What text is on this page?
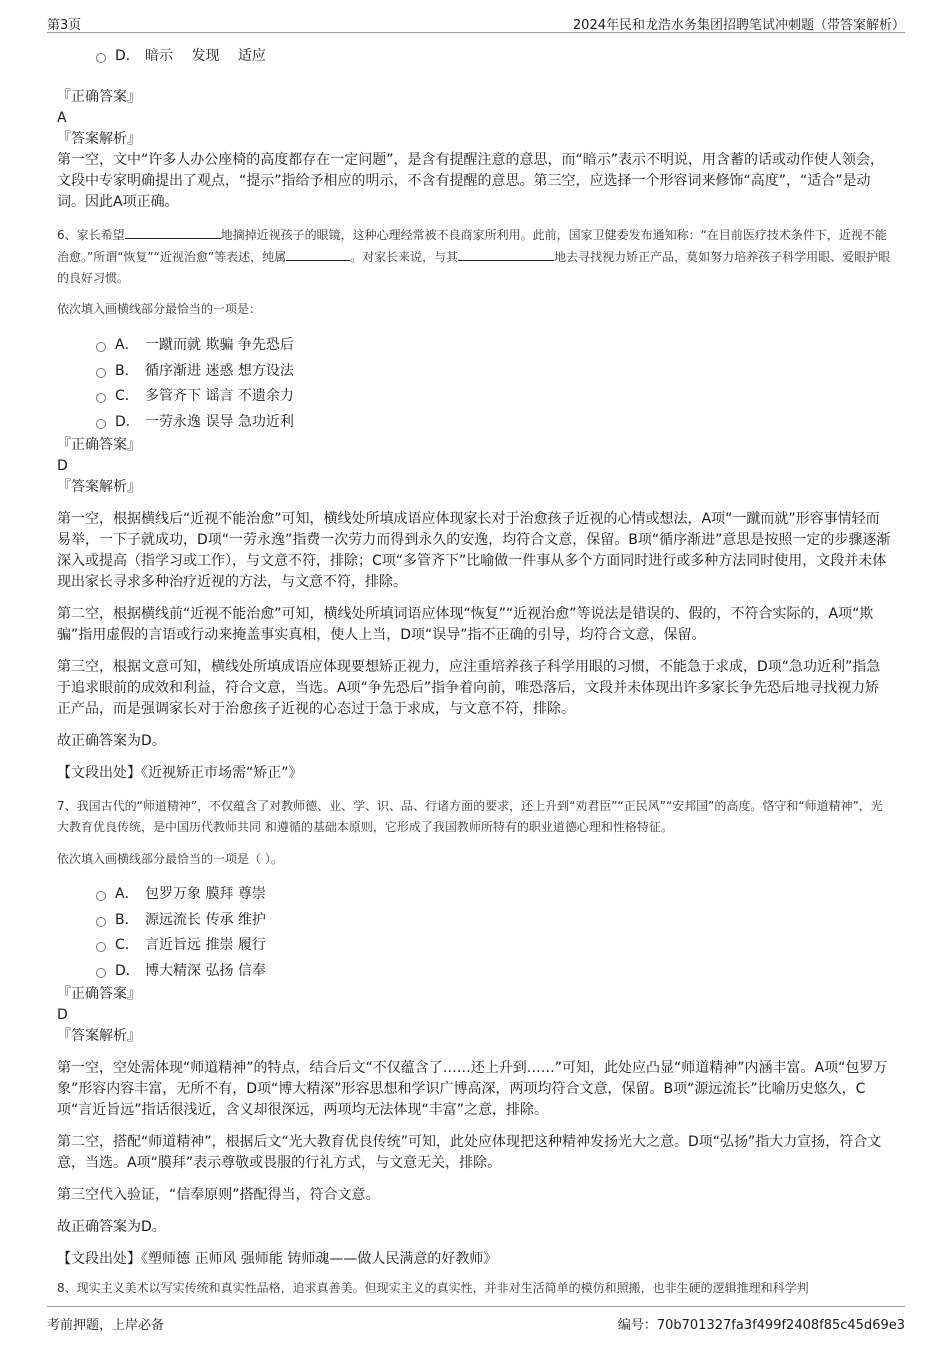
第3页	2024年民和龙浩水务集团招聘笔试冲刺题（带答案解析）
D． 暗示　 发现　 适应
『正确答案』
A
『答案解析』

第一空，文中“许多人办公座椅的高度都存在一定问题”，是含有提醒注意的意思，而“暗示”表示不明说，用含蓄的话或动作使人领会，文段中专家明确提出了观点，“提示”指给予相应的明示，不含有提醒的意思。第三空，应选择一个形容词来修饰“高度”，“适合”是动词。因此A项正确。

6、家长希望	地摘掉近视孩子的眼镜，这种心理经常被不良商家所利用。此前，国家卫健委发布通知称：“在目前医疗技术条件下，近视不能治愈。”所谓“恢复”“近视治愈”等表述，纯属	。对家长来说，与其	地去寻找视力矫正产品，莫如努力培养孩子科学用眼、爱眼护眼的良好习惯。

依次填入画横线部分最恰当的一项是：

A． 一蹴而就 欺骗 争先恐后
B． 循序渐进 迷惑 想方设法
C． 多管齐下 谣言 不遗余力
D． 一劳永逸 误导 急功近利
『正确答案』
D
『答案解析』

第一空，根据横线后“近视不能治愈”可知，横线处所填成语应体现家长对于治愈孩子近视的心情或想法，A项“一蹴而就”形容事情轻而易举，一下子就成功，D项“一劳永逸”指费一次劳力而得到永久的安逸，均符合文意，保留。B项“循序渐进”意思是按照一定的步骤逐渐深入或提高（指学习或工作），与文意不符，排除；C项“多管齐下”比喻做一件事从多个方面同时进行或多种方法同时使用，文段并未体现出家长寻求多种治疗近视的方法，与文意不符，排除。

第二空，根据横线前“近视不能治愈”可知，横线处所填词语应体现“恢复”“近视治愈”等说法是错误的、假的，不符合实际的，A项“欺骗”指用虚假的言语或行动来掩盖事实真相，使人上当，D项“误导”指不正确的引导，均符合文意，保留。

第三空，根据文意可知，横线处所填成语应体现要想矫正视力，应注重培养孩子科学用眼的习惯，不能急于求成，D项“急功近利”指急于追求眼前的成效和利益，符合文意，当选。A项“争先恐后”指争着向前，唯恐落后，文段并未体现出许多家长争先恐后地寻找视力矫正产品，而是强调家长对于治愈孩子近视的心态过于急于求成，与文意不符，排除。

故正确答案为D。

【文段出处】《近视矫正市场需“矫正”》

7、我国古代的“师道精神”，不仅蕴含了对教师德、业、学、识、品、行诸方面的要求，还上升到“劝君臣”“正民风”“安邦国”的高度。恪守和“师道精神”，光大教育优良传统，是中国历代教师共同 和遵循的基础本原则，它形成了我国教师所特有的职业道德心理和性格特征。

依次填入画横线部分最恰当的一项是（ ）。

A． 包罗万象 膜拜 尊崇
B． 源远流长 传承 维护
C． 言近旨远 推崇 履行
D． 博大精深 弘扬 信奉
『正确答案』
D
『答案解析』

第一空，空处需体现“师道精神”的特点，结合后文“不仅蕴含了……还上升到……”可知，此处应凸显“师道精神”内涵丰富。A项“包罗万象”形容内容丰富，无所不有，D项“博大精深”形容思想和学识广博高深，两项均符合文意，保留。B项“源远流长”比喻历史悠久，C项“言近旨远”指话很浅近，含义却很深远，两项均无法体现“丰富”之意，排除。

第二空，搭配“师道精神”，根据后文“光大教育优良传统”可知，此处应体现把这种精神发扬光大之意。D项“弘扬”指大力宣扬，符合文意，当选。A项“膜拜”表示尊敬或畏服的行礼方式，与文意无关，排除。

第三空代入验证，“信奉原则”搭配得当，符合文意。

故正确答案为D。

【文段出处】《塑师德 正师风 强师能 铸师魂——做人民满意的好教师》

8、现实主义美术以写实传统和真实性品格，追求真善美。但现实主义的真实性，并非对生活简单的模仿和照搬，也非生硬的逻辑推理和科学判

考前押题，上岸必备	编号：70b701327fa3f499f2408f85c45d69e3
